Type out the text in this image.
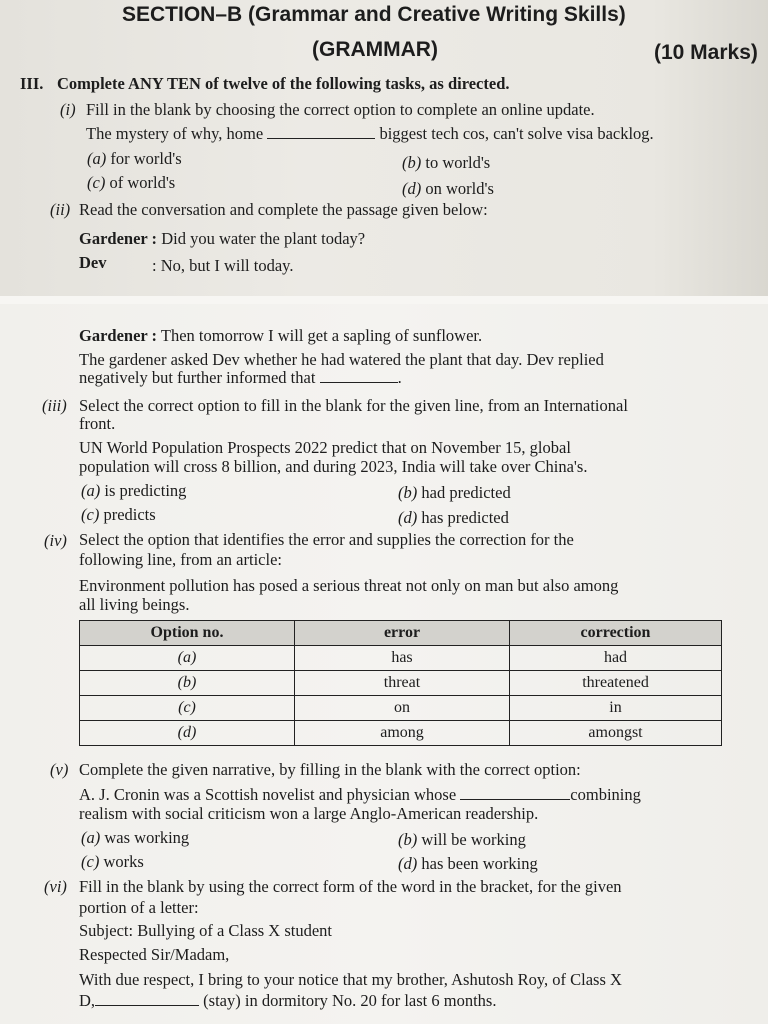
SECTION–B (Grammar and Creative Writing Skills)
(GRAMMAR)	(10 Marks)
III. Complete ANY TEN of twelve of the following tasks, as directed.
(i) Fill in the blank by choosing the correct option to complete an online update.
The mystery of why, home	biggest tech cos, can't solve visa backlog.
(a) for world's	(b) to world's
(c) of world's	(d) on world's
(ii) Read the conversation and complete the passage given below:
Gardener : Did you water the plant today?
Dev	: No, but I will today.
Gardener : Then tomorrow I will get a sapling of sunflower.
The gardener asked Dev whether he had watered the plant that day. Dev replied
negatively but further informed that	.
(iii) Select the correct option to fill in the blank for the given line, from an International
front.
UN World Population Prospects 2022 predict that on November 15, global
population will cross 8 billion, and during 2023, India will take over China's.
(a) is predicting	(b) had predicted
(c) predicts	(d) has predicted
(iv) Select the option that identifies the error and supplies the correction for the
following line, from an article:
Environment pollution has posed a serious threat not only on man but also among
all living beings.
Option no.	error	correction
(a)	has	had
(b)	threat	threatened
(c)	on	in
(d)	among	amongst
(v) Complete the given narrative, by filling in the blank with the correct option:
A. J. Cronin was a Scottish novelist and physician whose	combining
realism with social criticism won a large Anglo-American readership.
(a) was working	(b) will be working
(c) works	(d) has been working
(vi) Fill in the blank by using the correct form of the word in the bracket, for the given
portion of a letter:
Subject: Bullying of a Class X student
Respected Sir/Madam,
With due respect, I bring to your notice that my brother, Ashutosh Roy, of Class X
D,	(stay) in dormitory No. 20 for last 6 months.
